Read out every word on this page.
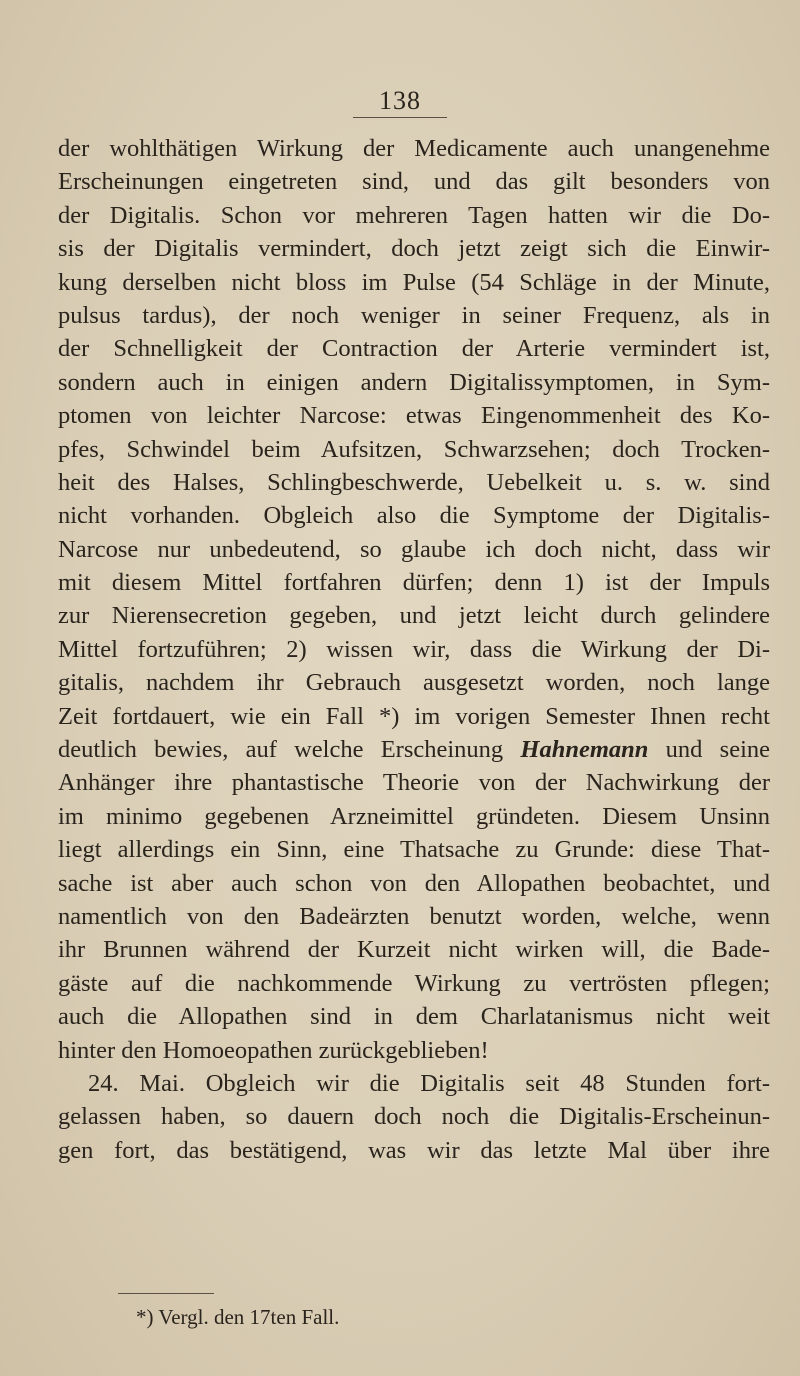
138
der wohlthätigen Wirkung der Medicamente auch unangenehme
Erscheinungen eingetreten sind, und das gilt besonders von
der Digitalis. Schon vor mehreren Tagen hatten wir die Do-
sis der Digitalis vermindert, doch jetzt zeigt sich die Einwir-
kung derselben nicht bloss im Pulse (54 Schläge in der Minute,
pulsus tardus), der noch weniger in seiner Frequenz, als in
der Schnelligkeit der Contraction der Arterie vermindert ist,
sondern auch in einigen andern Digitalissymptomen, in Sym-
ptomen von leichter Narcose: etwas Eingenommenheit des Ko-
pfes, Schwindel beim Aufsitzen, Schwarzsehen; doch Trocken-
heit des Halses, Schlingbeschwerde, Uebelkeit u. s. w. sind
nicht vorhanden. Obgleich also die Symptome der Digitalis-
Narcose nur unbedeutend, so glaube ich doch nicht, dass wir
mit diesem Mittel fortfahren dürfen; denn 1) ist der Impuls
zur Nierensecretion gegeben, und jetzt leicht durch gelindere
Mittel fortzuführen; 2) wissen wir, dass die Wirkung der Di-
gitalis, nachdem ihr Gebrauch ausgesetzt worden, noch lange
Zeit fortdauert, wie ein Fall *) im vorigen Semester Ihnen recht
deutlich bewies, auf welche Erscheinung Hahnemann und seine
Anhänger ihre phantastische Theorie von der Nachwirkung der
im minimo gegebenen Arzneimittel gründeten. Diesem Unsinn
liegt allerdings ein Sinn, eine Thatsache zu Grunde: diese That-
sache ist aber auch schon von den Allopathen beobachtet, und
namentlich von den Badeärzten benutzt worden, welche, wenn
ihr Brunnen während der Kurzeit nicht wirken will, die Bade-
gäste auf die nachkommende Wirkung zu vertrösten pflegen;
auch die Allopathen sind in dem Charlatanismus nicht weit
hinter den Homoeopathen zurückgeblieben!
24. Mai. Obgleich wir die Digitalis seit 48 Stunden fort-
gelassen haben, so dauern doch noch die Digitalis-Erscheinun-
gen fort, das bestätigend, was wir das letzte Mal über ihre
*) Vergl. den 17ten Fall.
